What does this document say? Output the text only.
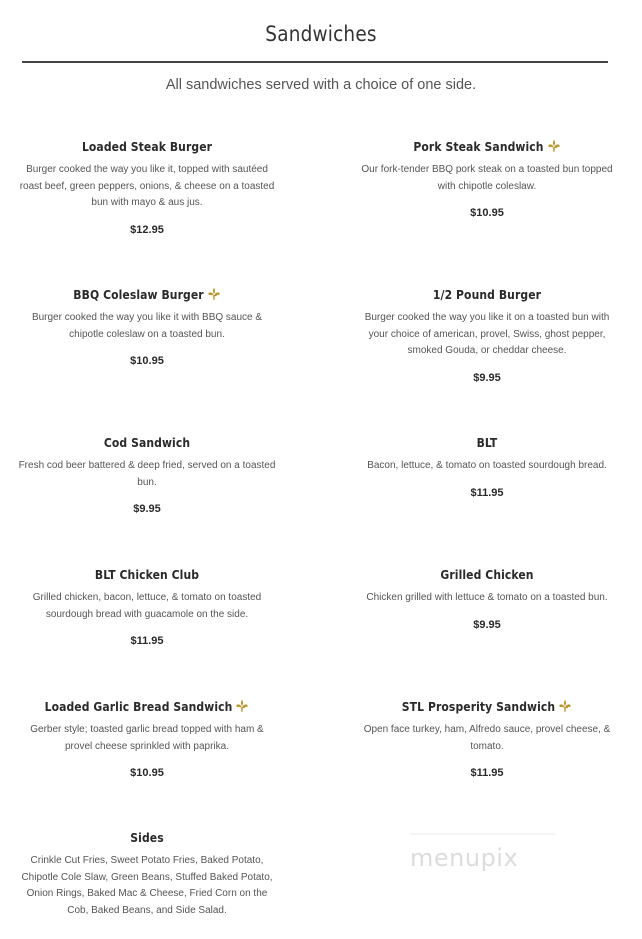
Sandwiches
All sandwiches served with a choice of one side.
Loaded Steak Burger
Burger cooked the way you like it, topped with sautéed roast beef, green peppers, onions, & cheese on a toasted bun with mayo & aus jus.
$12.95
Pork Steak Sandwich
Our fork-tender BBQ pork steak on a toasted bun topped with chipotle coleslaw.
$10.95
BBQ Coleslaw Burger
Burger cooked the way you like it with BBQ sauce & chipotle coleslaw on a toasted bun.
$10.95
1/2 Pound Burger
Burger cooked the way you like it on a toasted bun with your choice of american, provel, Swiss, ghost pepper, smoked Gouda, or cheddar cheese.
$9.95
Cod Sandwich
Fresh cod beer battered & deep fried, served on a toasted bun.
$9.95
BLT
Bacon, lettuce, & tomato on toasted sourdough bread.
$11.95
BLT Chicken Club
Grilled chicken, bacon, lettuce, & tomato on toasted sourdough bread with guacamole on the side.
$11.95
Grilled Chicken
Chicken grilled with lettuce & tomato on a toasted bun.
$9.95
Loaded Garlic Bread Sandwich
Gerber style; toasted garlic bread topped with ham & provel cheese sprinkled with paprika.
$10.95
STL Prosperity Sandwich
Open face turkey, ham, Alfredo sauce, provel cheese, & tomato.
$11.95
Sides
Crinkle Cut Fries, Sweet Potato Fries, Baked Potato, Chipotle Cole Slaw, Green Beans, Stuffed Baked Potato, Onion Rings, Baked Mac & Cheese, Fried Corn on the Cob, Baked Beans, and Side Salad.
menupix
